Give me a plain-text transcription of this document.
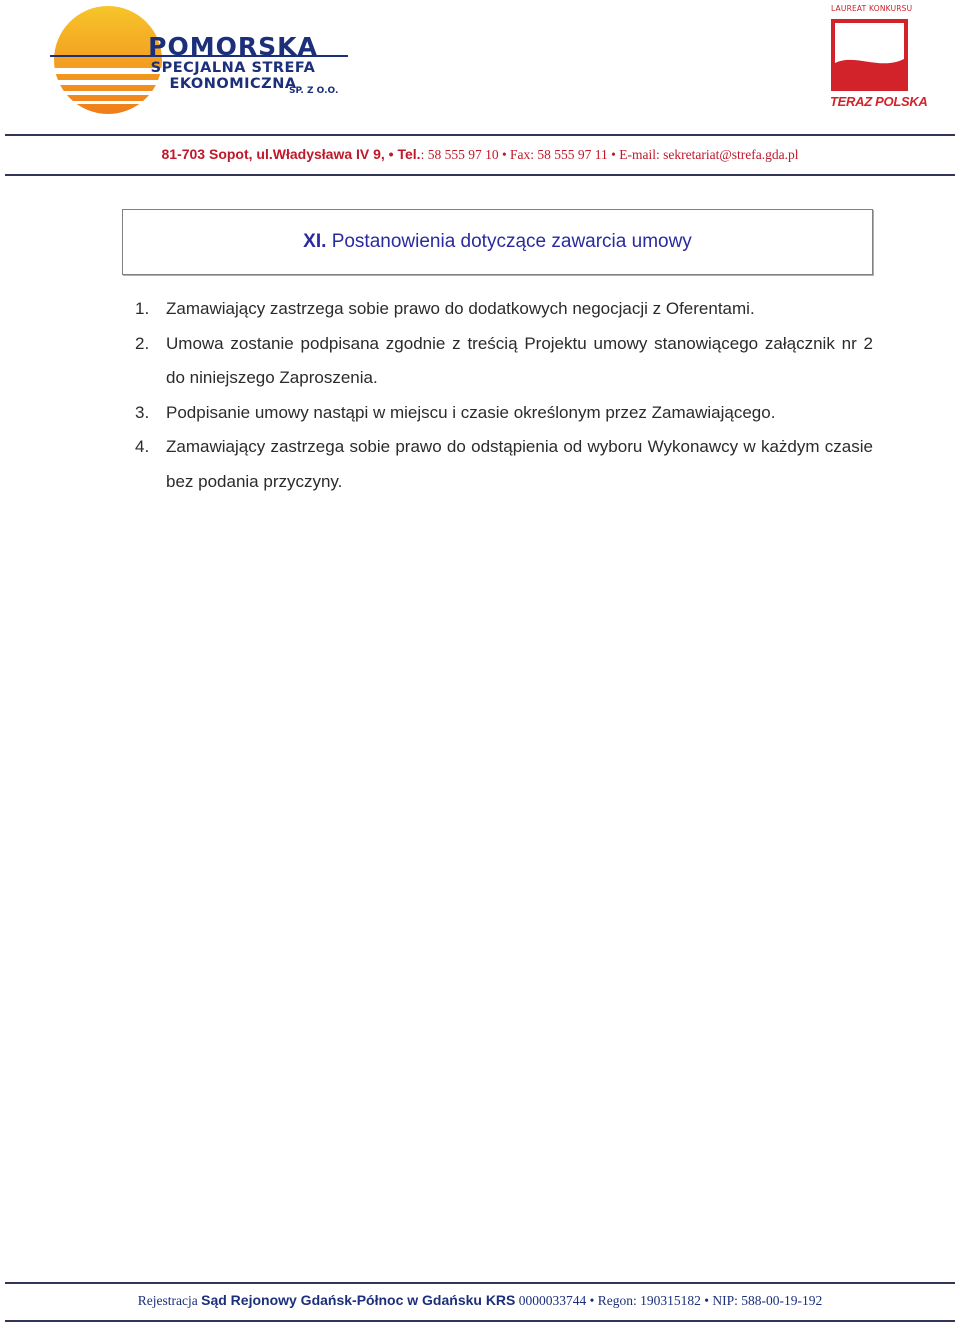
POMORSKA
SPECJALNA STREFA
EKONOMICZNA
SP. Z O.O.
LAUREAT KONKURSU
TERAZ POLSKA
81-703 Sopot, ul.Władysława IV 9, • Tel.: 58 555 97 10 • Fax: 58 555 97 11 • E-mail: sekretariat@strefa.gda.pl
XI. Postanowienia dotyczące zawarcia umowy
1. Zamawiający zastrzega sobie prawo do dodatkowych negocjacji z Oferentami.
2. Umowa zostanie podpisana zgodnie z treścią Projektu umowy stanowiącego załącznik nr 2 do niniejszego Zaproszenia.
3. Podpisanie umowy nastąpi w miejscu i czasie określonym przez Zamawiającego.
4. Zamawiający zastrzega sobie prawo do odstąpienia od wyboru Wykonawcy w każdym czasie bez podania przyczyny.
Rejestracja Sąd Rejonowy Gdańsk-Północ w Gdańsku KRS 0000033744 • Regon: 190315182 • NIP: 588-00-19-192
